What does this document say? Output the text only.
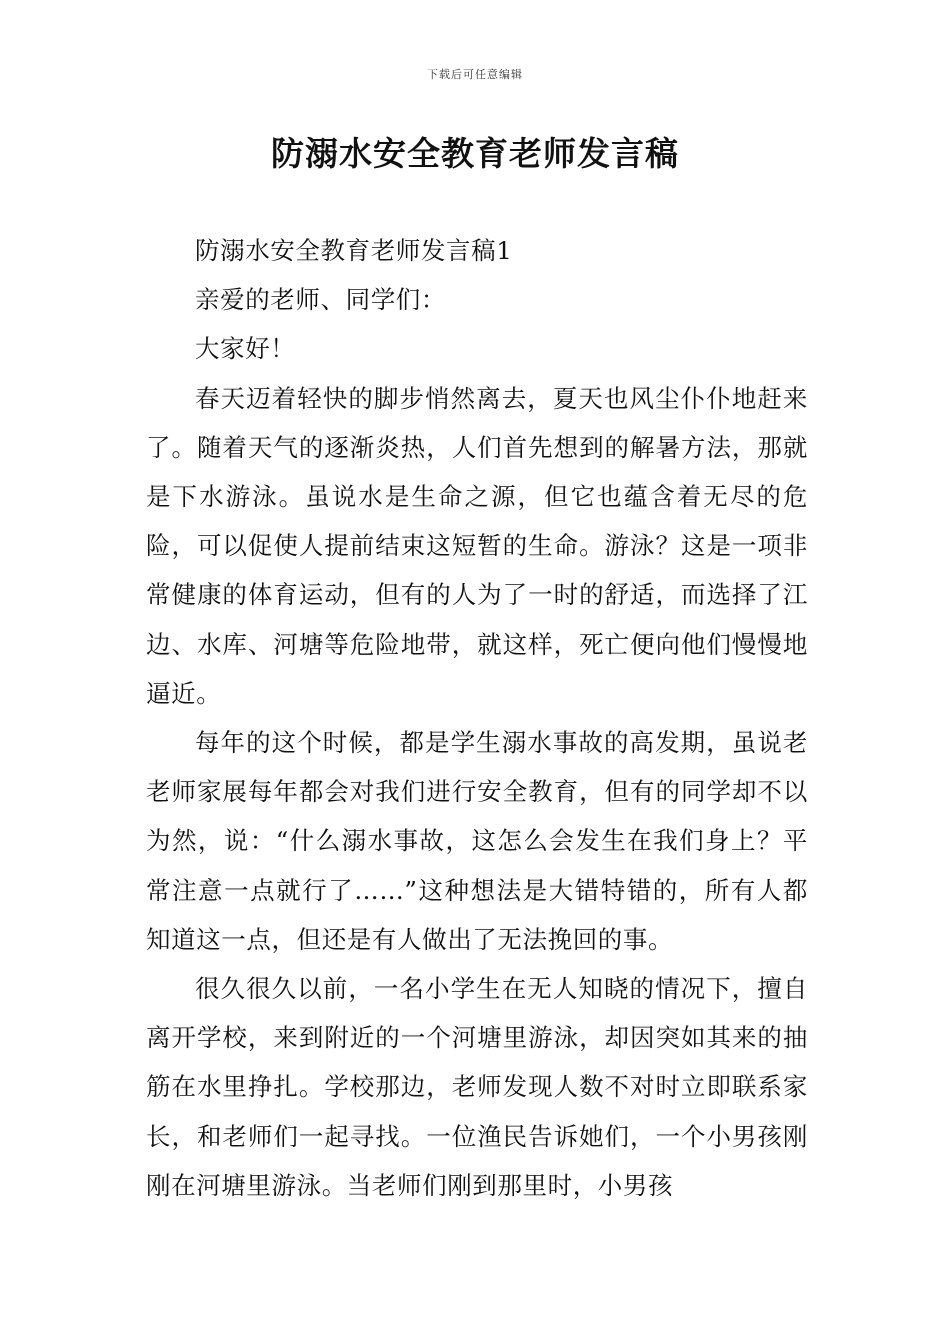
下载后可任意编辑
防溺水安全教育老师发言稿

防溺水安全教育老师发言稿1

亲爱的老师、同学们：

大家好！

春天迈着轻快的脚步悄然离去，夏天也风尘仆仆地赶来了。随着天气的逐渐炎热，人们首先想到的解暑方法，那就是下水游泳。虽说水是生命之源，但它也蕴含着无尽的危险，可以促使人提前结束这短暂的生命。游泳？这是一项非常健康的体育运动，但有的人为了一时的舒适，而选择了江边、水库、河塘等危险地带，就这样，死亡便向他们慢慢地逼近。

每年的这个时候，都是学生溺水事故的高发期，虽说老老师家展每年都会对我们进行安全教育，但有的同学却不以为然，说：“什么溺水事故，这怎么会发生在我们身上？平常注意一点就行了……”这种想法是大错特错的，所有人都知道这一点，但还是有人做出了无法挽回的事。

很久很久以前，一名小学生在无人知晓的情况下，擅自离开学校，来到附近的一个河塘里游泳，却因突如其来的抽筋在水里挣扎。学校那边，老师发现人数不对时立即联系家长，和老师们一起寻找。一位渔民告诉她们，一个小男孩刚刚在河塘里游泳。当老师们刚到那里时，小男孩
